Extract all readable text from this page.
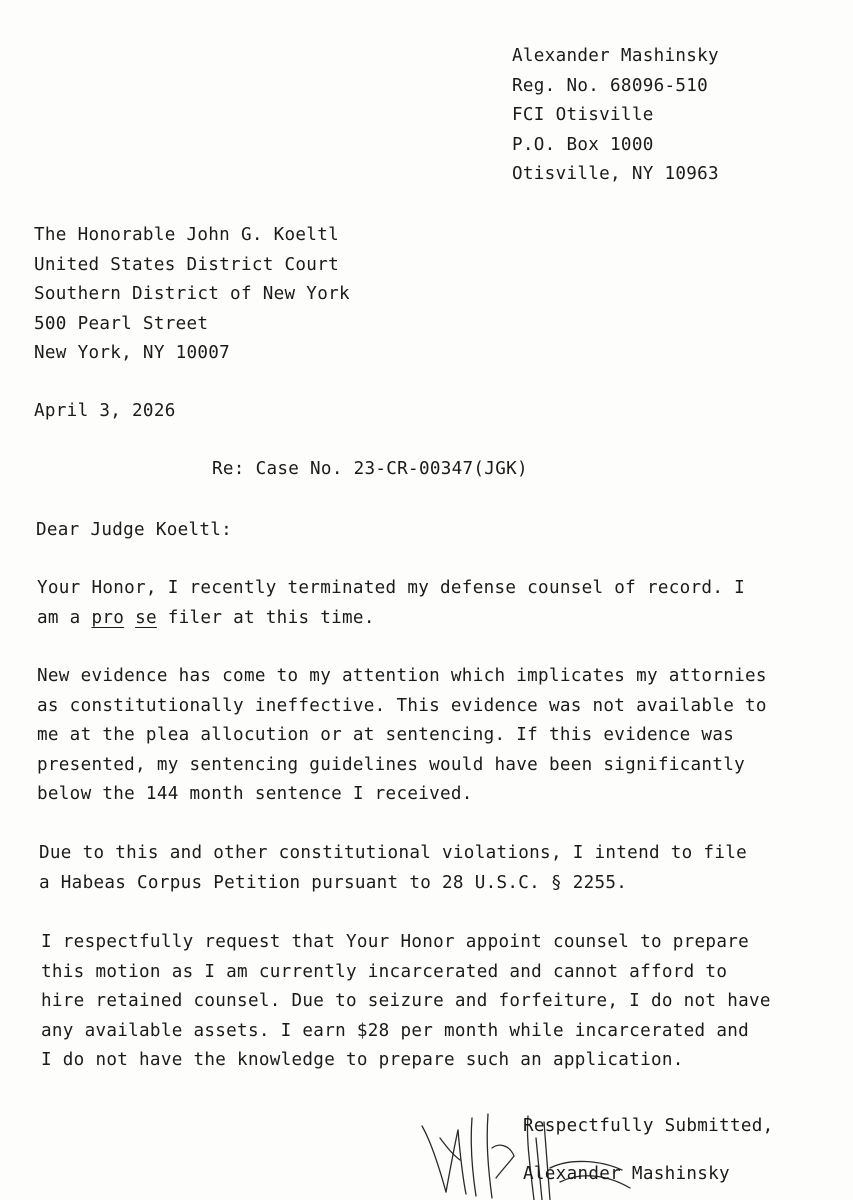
Alexander Mashinsky
Reg. No. 68096-510
FCI Otisville
P.O. Box 1000
Otisville, NY 10963
The Honorable John G. Koeltl
United States District Court
Southern District of New York
500 Pearl Street
New York, NY 10007
April 3, 2026
Re: Case No. 23-CR-00347(JGK)
Dear Judge Koeltl:
Your Honor, I recently terminated my defense counsel of record. I
am a pro se filer at this time.
New evidence has come to my attention which implicates my attornies
as constitutionally ineffective. This evidence was not available to
me at the plea allocution or at sentencing. If this evidence was
presented, my sentencing guidelines would have been significantly
below the 144 month sentence I received.
Due to this and other constitutional violations, I intend to file
a Habeas Corpus Petition pursuant to 28 U.S.C. § 2255.
I respectfully request that Your Honor appoint counsel to prepare
this motion as I am currently incarcerated and cannot afford to
hire retained counsel. Due to seizure and forfeiture, I do not have
any available assets. I earn $28 per month while incarcerated and
I do not have the knowledge to prepare such an application.
Respectfully Submitted,
Alexander Mashinsky
